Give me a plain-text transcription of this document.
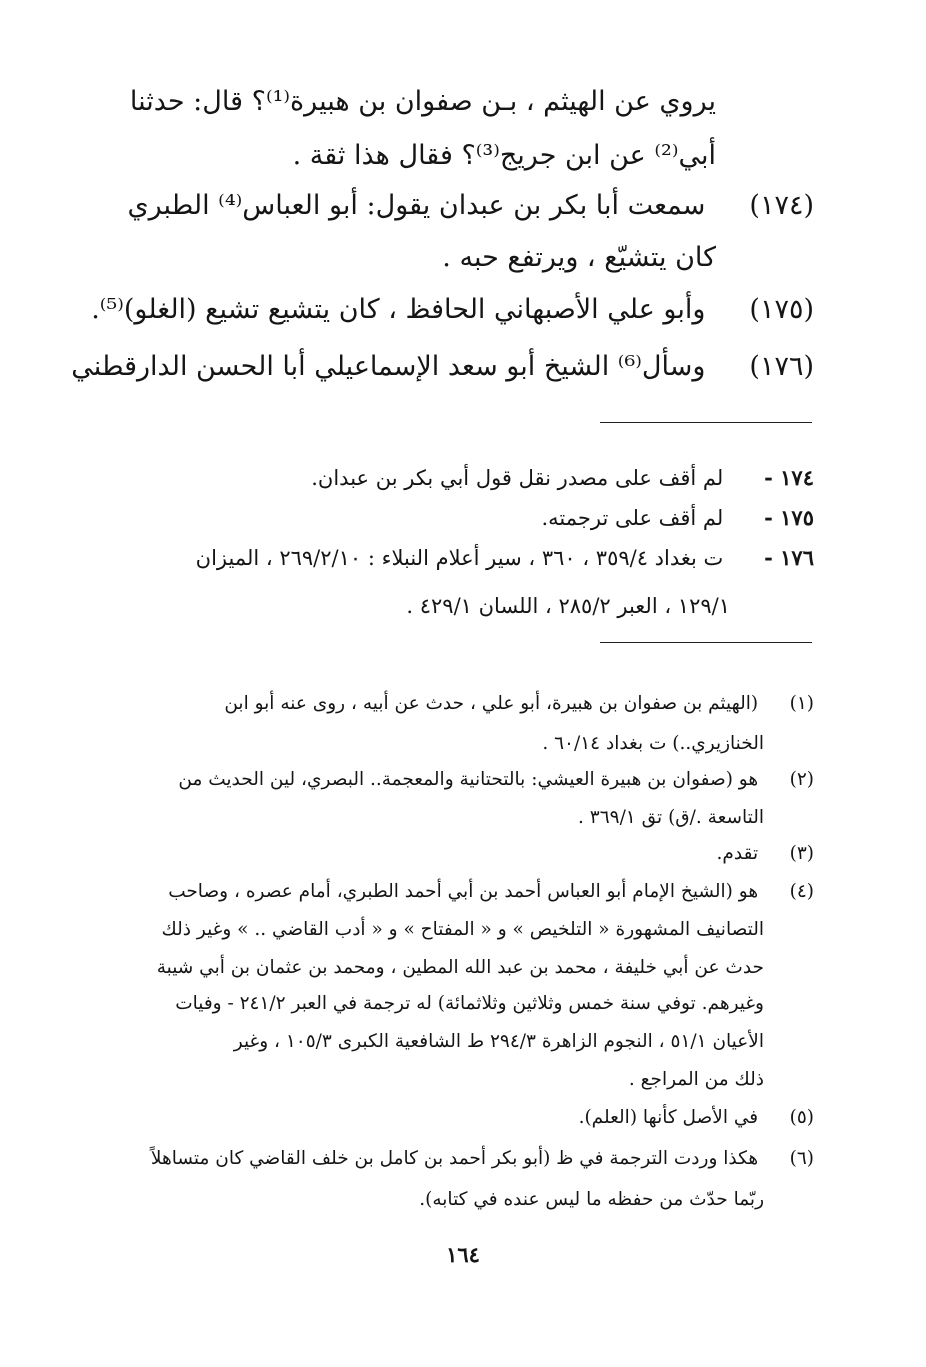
يروي عن الهيثم ، بـن صفوان بن هبيرة⁽¹⁾؟ قال: حدثنا
أبي⁽²⁾ عن ابن جريج⁽³⁾؟ فقال هذا ثقة .
(١٧٤) سمعت أبا بكر بن عبدان يقول: أبو العباس⁽⁴⁾ الطبري
كان يتشيّع ، ويرتفع حبه .
(١٧٥) وأبو علي الأصبهاني الحافظ ، كان يتشيع تشيع (الغلو)⁽⁵⁾.
(١٧٦) وسأل⁽⁶⁾ الشيخ أبو سعد الإسماعيلي أبا الحسن الدارقطني
١٧٤ - لم أقف على مصدر نقل قول أبي بكر بن عبدان.
١٧٥ - لم أقف على ترجمته.
١٧٦ - ت بغداد ٣٥٩/٤ ، ٣٦٠ ، سير أعلام النبلاء : ٢٦٩/٢/١٠ ، الميزان
١٢٩/١ ، العبر ٢٨٥/٢ ، اللسان ٤٢٩/١ .
(١) (الهيثم بن صفوان بن هبيرة، أبو علي ، حدث عن أبيه ، روى عنه أبو ابن
الخنازيري..) ت بغداد ٦٠/١٤ .
(٢) هو (صفوان بن هبيرة العيشي: بالتحتانية والمعجمة.. البصري، لين الحديث من
التاسعة ./ق) تق ٣٦٩/١ .
(٣) تقدم.
(٤) هو (الشيخ الإمام أبو العباس أحمد بن أبي أحمد الطبري، أمام عصره ، وصاحب
التصانيف المشهورة « التلخيص » و « المفتاح » و « أدب القاضي .. » وغير ذلك
حدث عن أبي خليفة ، محمد بن عبد الله المطين ، ومحمد بن عثمان بن أبي شيبة
وغيرهم. توفي سنة خمس وثلاثين وثلاثمائة) له ترجمة في العبر ٢٤١/٢ - وفيات
الأعيان ٥١/١ ، النجوم الزاهرة ٢٩٤/٣ ط الشافعية الكبرى ١٠٥/٣ ، وغير
ذلك من المراجع .
(٥) في الأصل كأنها (العلم).
(٦) هكذا وردت الترجمة في ظ (أبو بكر أحمد بن كامل بن خلف القاضي كان متساهلاً
ربّما حدّث من حفظه ما ليس عنده في كتابه).
١٦٤
